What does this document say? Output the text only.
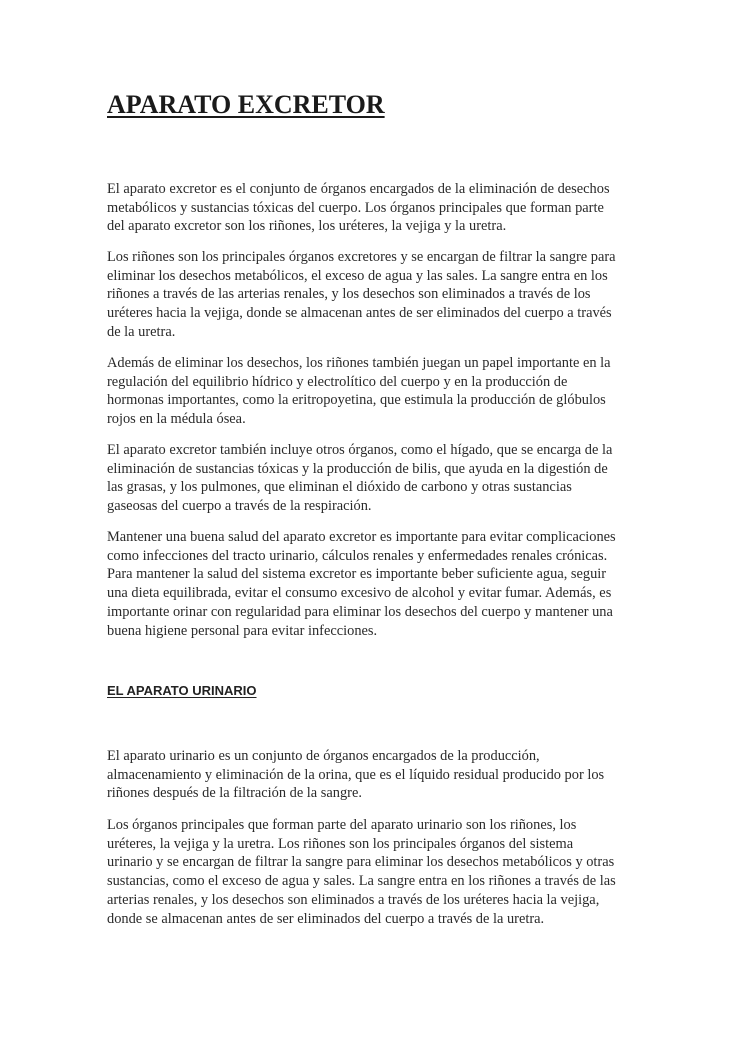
APARATO EXCRETOR
El aparato excretor es el conjunto de órganos encargados de la eliminación de desechos
metabólicos y sustancias tóxicas del cuerpo. Los órganos principales que forman parte
del aparato excretor son los riñones, los uréteres, la vejiga y la uretra.
Los riñones son los principales órganos excretores y se encargan de filtrar la sangre para
eliminar los desechos metabólicos, el exceso de agua y las sales. La sangre entra en los
riñones a través de las arterias renales, y los desechos son eliminados a través de los
uréteres hacia la vejiga, donde se almacenan antes de ser eliminados del cuerpo a través
de la uretra.
Además de eliminar los desechos, los riñones también juegan un papel importante en la
regulación del equilibrio hídrico y electrolítico del cuerpo y en la producción de
hormonas importantes, como la eritropoyetina, que estimula la producción de glóbulos
rojos en la médula ósea.
El aparato excretor también incluye otros órganos, como el hígado, que se encarga de la
eliminación de sustancias tóxicas y la producción de bilis, que ayuda en la digestión de
las grasas, y los pulmones, que eliminan el dióxido de carbono y otras sustancias
gaseosas del cuerpo a través de la respiración.
Mantener una buena salud del aparato excretor es importante para evitar complicaciones
como infecciones del tracto urinario, cálculos renales y enfermedades renales crónicas.
Para mantener la salud del sistema excretor es importante beber suficiente agua, seguir
una dieta equilibrada, evitar el consumo excesivo de alcohol y evitar fumar. Además, es
importante orinar con regularidad para eliminar los desechos del cuerpo y mantener una
buena higiene personal para evitar infecciones.
EL APARATO URINARIO
El aparato urinario es un conjunto de órganos encargados de la producción,
almacenamiento y eliminación de la orina, que es el líquido residual producido por los
riñones después de la filtración de la sangre.
Los órganos principales que forman parte del aparato urinario son los riñones, los
uréteres, la vejiga y la uretra. Los riñones son los principales órganos del sistema
urinario y se encargan de filtrar la sangre para eliminar los desechos metabólicos y otras
sustancias, como el exceso de agua y sales. La sangre entra en los riñones a través de las
arterias renales, y los desechos son eliminados a través de los uréteres hacia la vejiga,
donde se almacenan antes de ser eliminados del cuerpo a través de la uretra.
